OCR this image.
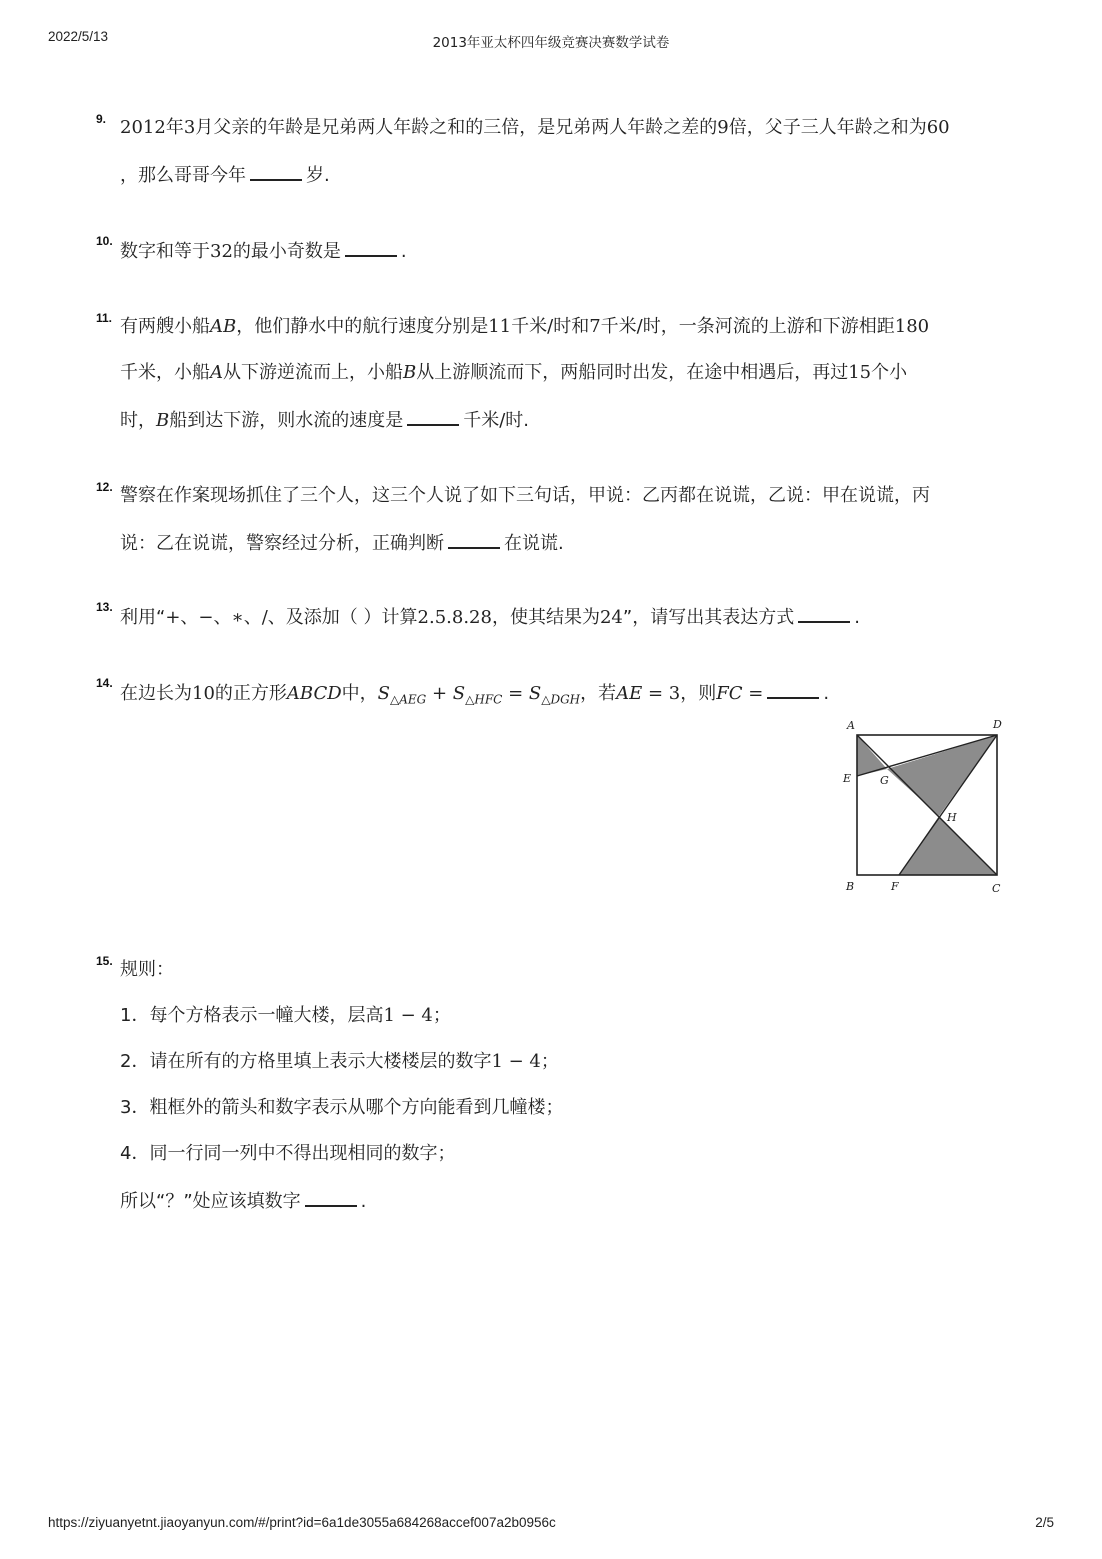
2022/5/13	2013年亚太杯四年级竞赛决赛数学试卷
9. 2012年3月父亲的年龄是兄弟两人年龄之和的三倍，是兄弟两人年龄之差的9倍，父子三人年龄之和为60
，那么哥哥今年	岁.
10. 数字和等于32的最小奇数是	.
11. 有两艘小船AB，他们静水中的航行速度分别是11千米/时和7千米/时，一条河流的上游和下游相距180
千米，小船A从下游逆流而上，小船B从上游顺流而下，两船同时出发，在途中相遇后，再过15个小
时，B船到达下游，则水流的速度是	千米/时.
12. 警察在作案现场抓住了三个人，这三个人说了如下三句话，甲说：乙丙都在说谎，乙说：甲在说谎，丙
说：乙在说谎，警察经过分析，正确判断	在说谎.
13. 利用“+、−、∗、/、及添加（ ）计算2.5.8.28，使其结果为24”，请写出其表达方式	.
14. 在边长为10的正方形ABCD中，$S_{\triangle AEG} + S_{\triangle HFC} = S_{\triangle DGH}$，若AE = 3，则FC =	.
A	D
E	G
H
B	F	C
15. 规则：
1．每个方格表示一幢大楼，层高1 − 4；
2．请在所有的方格里填上表示大楼楼层的数字1 − 4；
3．粗框外的箭头和数字表示从哪个方向能看到几幢楼；
4．同一行同一列中不得出现相同的数字；
所以“？”处应该填数字	.
https://ziyuanyetnt.jiaoyanyun.com/#/print?id=6a1de3055a684268accef007a2b0956c	2/5
